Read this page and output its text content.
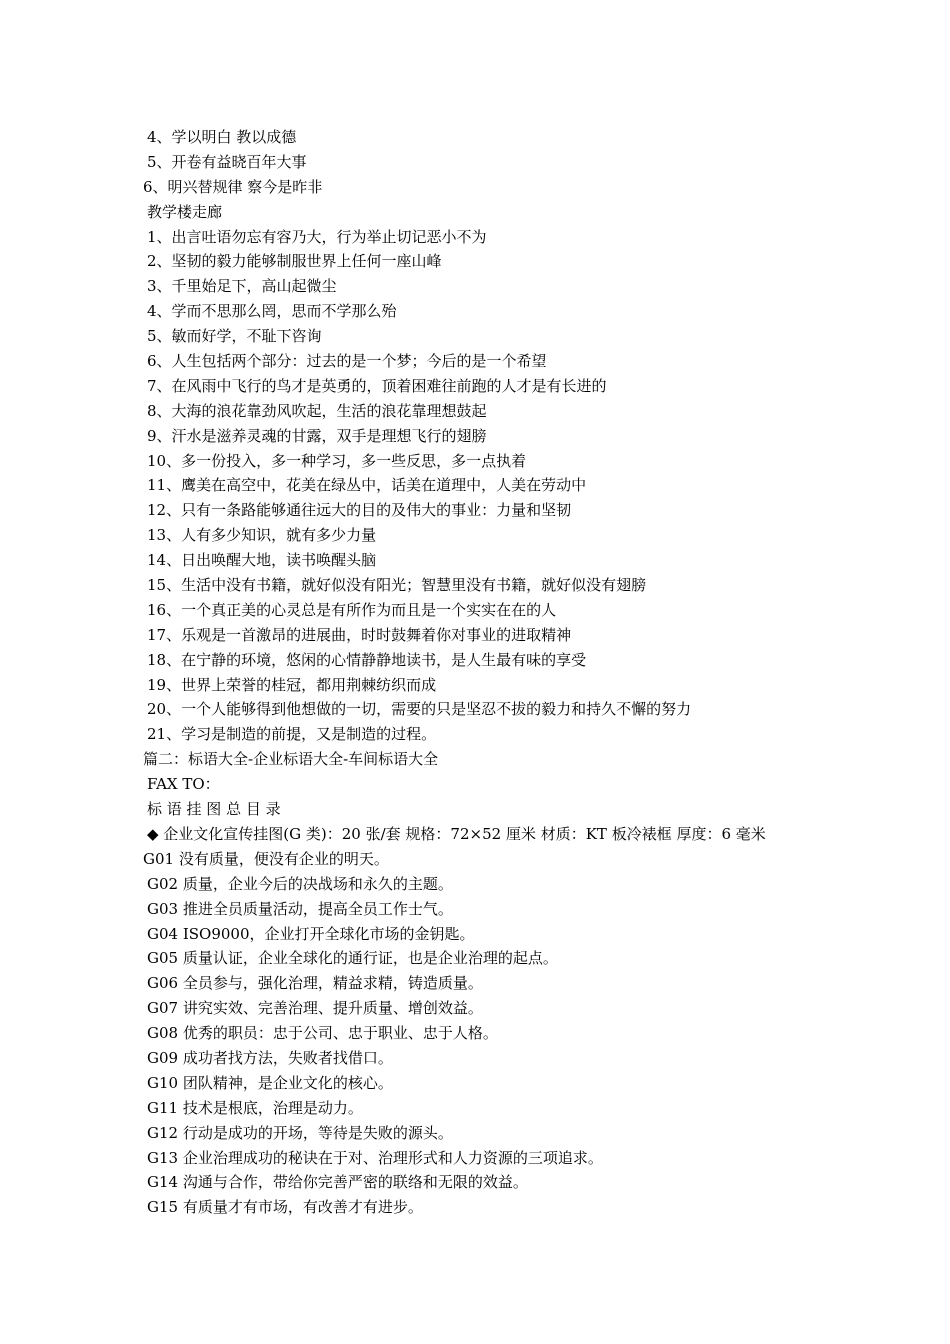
4、学以明白 教以成德
5、开卷有益晓百年大事
6、明兴替规律 察今是昨非
教学楼走廊
1、出言吐语勿忘有容乃大，行为举止切记恶小不为
2、坚韧的毅力能够制服世界上任何一座山峰
3、千里始足下，高山起微尘
4、学而不思那么罔，思而不学那么殆
5、敏而好学，不耻下咨询
6、人生包括两个部分：过去的是一个梦；今后的是一个希望
7、在风雨中飞行的鸟才是英勇的，顶着困难往前跑的人才是有长进的
8、大海的浪花靠劲风吹起，生活的浪花靠理想鼓起
9、汗水是滋养灵魂的甘露，双手是理想飞行的翅膀
10、多一份投入，多一种学习，多一些反思，多一点执着
11、鹰美在高空中，花美在绿丛中，话美在道理中，人美在劳动中
12、只有一条路能够通往远大的目的及伟大的事业：力量和坚韧
13、人有多少知识，就有多少力量
14、日出唤醒大地，读书唤醒头脑
15、生活中没有书籍，就好似没有阳光；智慧里没有书籍，就好似没有翅膀
16、一个真正美的心灵总是有所作为而且是一个实实在在的人
17、乐观是一首激昂的进展曲，时时鼓舞着你对事业的进取精神
18、在宁静的环境，悠闲的心情静静地读书，是人生最有味的享受
19、世界上荣誉的桂冠，都用荆棘纺织而成
20、一个人能够得到他想做的一切，需要的只是坚忍不拔的毅力和持久不懈的努力
21、学习是制造的前提，又是制造的过程。
篇二：标语大全-企业标语大全-车间标语大全
FAX TO：
标 语 挂 图 总 目 录
◆ 企业文化宣传挂图(G 类)：20 张/套 规格：72×52 厘米 材质：KT 板冷裱框 厚度：6 毫米
G01 没有质量，便没有企业的明天。
G02 质量，企业今后的决战场和永久的主题。
G03 推进全员质量活动，提高全员工作士气。
G04 ISO9000，企业打开全球化市场的金钥匙。
G05 质量认证，企业全球化的通行证，也是企业治理的起点。
G06 全员参与，强化治理，精益求精，铸造质量。
G07 讲究实效、完善治理、提升质量、增创效益。
G08 优秀的职员：忠于公司、忠于职业、忠于人格。
G09 成功者找方法，失败者找借口。
G10 团队精神，是企业文化的核心。
G11 技术是根底，治理是动力。
G12 行动是成功的开场，等待是失败的源头。
G13 企业治理成功的秘诀在于对、治理形式和人力资源的三项追求。
G14 沟通与合作，带给你完善严密的联络和无限的效益。
G15 有质量才有市场，有改善才有进步。
